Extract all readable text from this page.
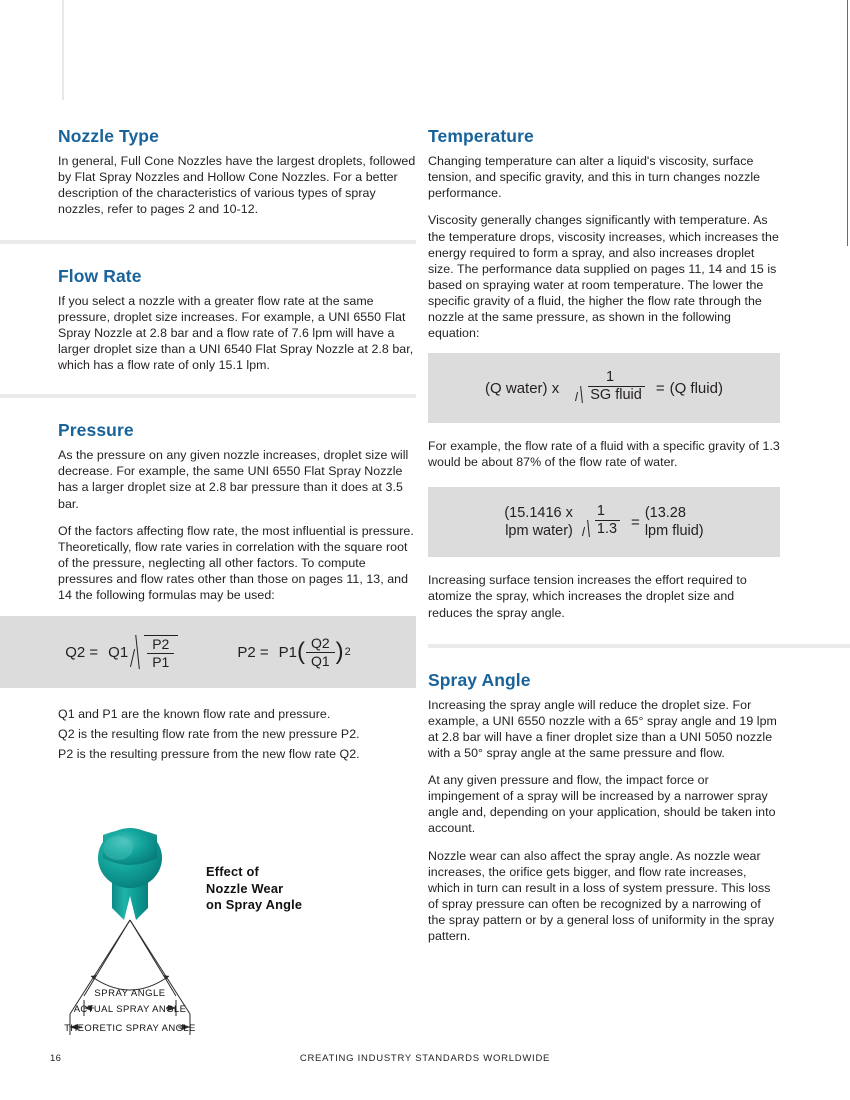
Nozzle Type

In general, Full Cone Nozzles have the largest droplets, followed by Flat Spray Nozzles and Hollow Cone Nozzles. For a better description of the characteristics of various types of spray nozzles, refer to pages 2 and 10-12.

Flow Rate

If you select a nozzle with a greater flow rate at the same pressure, droplet size increases. For example, a UNI 6550 Flat Spray Nozzle at 2.8 bar and a flow rate of 7.6 lpm will have a larger droplet size than a UNI 6540 Flat Spray Nozzle at 2.8 bar, which has a flow rate of only 15.1 lpm.

Pressure

As the pressure on any given nozzle increases, droplet size will decrease. For example, the same UNI 6550 Flat Spray Nozzle has a larger droplet size at 2.8 bar pressure than it does at 3.5 bar.

Of the factors affecting flow rate, the most influential is pressure. Theoretically, flow rate varies in correlation with the square root of the pressure, neglecting all other factors. To compute pressures and flow rates other than those on pages 11, 13, and 14 the following formulas may be used:

$Q2 = Q1 \frac{P2}{P1}$	P2 = P1 ( $\frac{Q2}{Q1}$ ) 2

Q1 and P1 are the known flow rate and pressure.

Q2 is the resulting flow rate from the new pressure P2.

P2 is the resulting pressure from the new flow rate Q2.

SPRAY ANGLE
ACTUAL SPRAY ANGLE
THEORETIC SPRAY ANGLE
Effect of
Nozzle Wear
on Spray Angle
Temperature

Changing temperature can alter a liquid's viscosity, surface tension, and specific gravity, and this in turn changes nozzle performance.

Viscosity generally changes significantly with temperature. As the temperature drops, viscosity increases, which increases the energy required to form a spray, and also increases droplet size. The performance data supplied on pages 11, 14 and 15 is based on spraying water at room temperature. The lower the specific gravity of a fluid, the higher the flow rate through the nozzle at the same pressure, as shown in the following equation:

(Q water) x
1
SG fluid = (Q fluid)

For example, the flow rate of a fluid with a specific gravity of 1.3 would be about 87% of the flow rate of water.

(15.1416 x
lpm water)
1
1.3 =
(13.28
lpm fluid)

Increasing surface tension increases the effort required to atomize the spray, which increases the droplet size and reduces the spray angle.

Spray Angle

Increasing the spray angle will reduce the droplet size. For example, a UNI 6550 nozzle with a 65° spray angle and 19 lpm at 2.8 bar will have a finer droplet size than a UNI 5050 nozzle with a 50° spray angle at the same pressure and flow.

At any given pressure and flow, the impact force or impingement of a spray will be increased by a narrower spray angle and, depending on your application, should be taken into account.

Nozzle wear can also affect the spray angle. As nozzle wear increases, the orifice gets bigger, and flow rate increases, which in turn can result in a loss of system pressure. This loss of spray pressure can often be recognized by a narrowing of the spray pattern or by a general loss of uniformity in the spray pattern.

16	CREATING INDUSTRY STANDARDS WORLDWIDE
